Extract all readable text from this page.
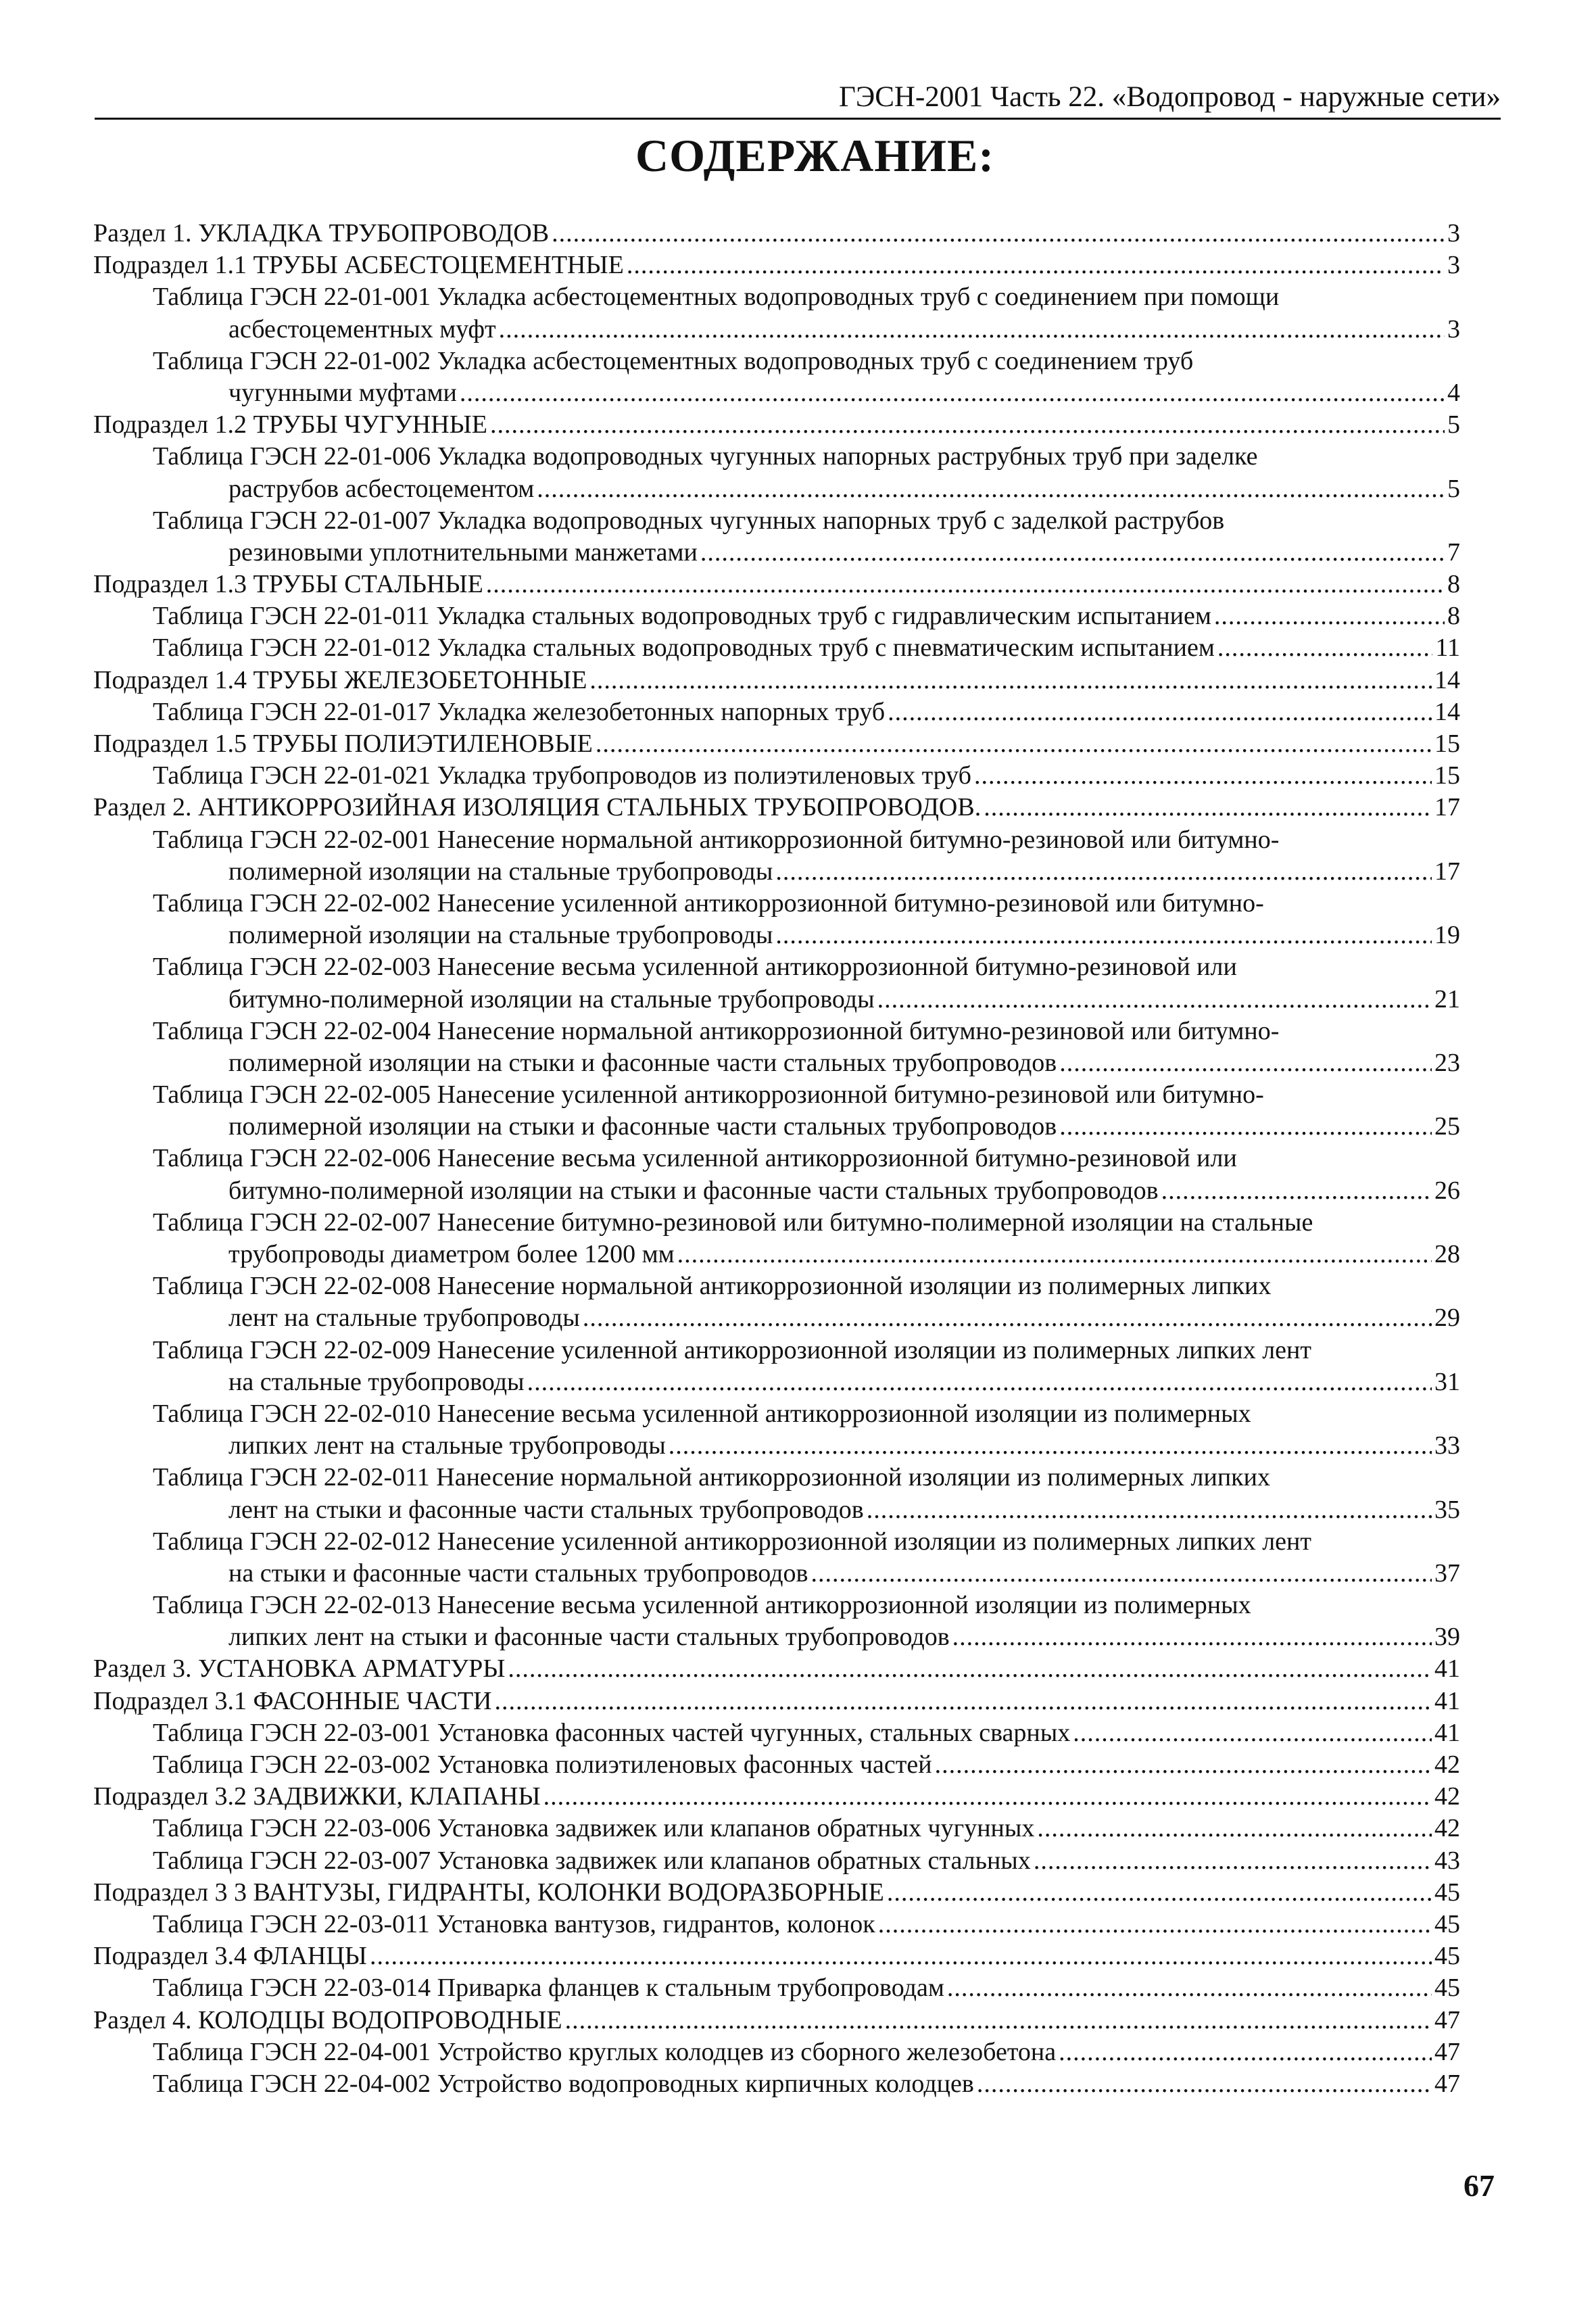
ГЭСН-2001 Часть 22. «Водопровод - наружные сети»
СОДЕРЖАНИЕ:
Раздел 1. УКЛАДКА ТРУБОПРОВОДОВ .....	3
Подраздел 1.1 ТРУБЫ АСБЕСТОЦЕМЕНТНЫЕ .....	3
Таблица ГЭСН 22-01-001 Укладка асбестоцементных водопроводных труб с соединением при помощи
асбестоцементных муфт .....	3
Таблица ГЭСН 22-01-002 Укладка асбестоцементных водопроводных труб с соединением труб
чугунными муфтами .....	4
Подраздел 1.2 ТРУБЫ ЧУГУННЫЕ .....	5
Таблица ГЭСН 22-01-006 Укладка водопроводных чугунных напорных раструбных труб при заделке
раструбов асбестоцементом .....	5
Таблица ГЭСН 22-01-007 Укладка водопроводных чугунных напорных труб с заделкой раструбов
резиновыми уплотнительными манжетами .....	7
Подраздел 1.3 ТРУБЫ СТАЛЬНЫЕ .....	8
Таблица ГЭСН 22-01-011 Укладка стальных водопроводных труб с гидравлическим испытанием .....	8
Таблица ГЭСН 22-01-012 Укладка стальных водопроводных труб с пневматическим испытанием .....	11
Подраздел 1.4 ТРУБЫ ЖЕЛЕЗОБЕТОННЫЕ .....	14
Таблица ГЭСН 22-01-017 Укладка железобетонных напорных труб .....	14
Подраздел 1.5 ТРУБЫ ПОЛИЭТИЛЕНОВЫЕ .....	15
Таблица ГЭСН 22-01-021 Укладка трубопроводов из полиэтиленовых труб .....	15
Раздел 2. АНТИКОРРОЗИЙНАЯ ИЗОЛЯЦИЯ СТАЛЬНЫХ ТРУБОПРОВОДОВ. .....	17
Таблица ГЭСН 22-02-001 Нанесение нормальной антикоррозионной битумно-резиновой или битумно-
полимерной изоляции на стальные трубопроводы .....	17
Таблица ГЭСН 22-02-002 Нанесение усиленной антикоррозионной битумно-резиновой или битумно-
полимерной изоляции на стальные трубопроводы .....	19
Таблица ГЭСН 22-02-003 Нанесение весьма усиленной антикоррозионной битумно-резиновой или
битумно-полимерной изоляции на стальные трубопроводы .....	21
Таблица ГЭСН 22-02-004 Нанесение нормальной антикоррозионной битумно-резиновой или битумно-
полимерной изоляции на стыки и фасонные части стальных трубопроводов .....	23
Таблица ГЭСН 22-02-005 Нанесение усиленной антикоррозионной битумно-резиновой или битумно-
полимерной изоляции на стыки и фасонные части стальных трубопроводов .....	25
Таблица ГЭСН 22-02-006 Нанесение весьма усиленной антикоррозионной битумно-резиновой или
битумно-полимерной изоляции на стыки и фасонные части стальных трубопроводов .....	26
Таблица ГЭСН 22-02-007 Нанесение битумно-резиновой или битумно-полимерной изоляции на стальные
трубопроводы диаметром более 1200 мм .....	28
Таблица ГЭСН 22-02-008 Нанесение нормальной антикоррозионной изоляции из полимерных липких
лент на стальные трубопроводы .....	29
Таблица ГЭСН 22-02-009 Нанесение усиленной антикоррозионной изоляции из полимерных липких лент
на стальные трубопроводы .....	31
Таблица ГЭСН 22-02-010 Нанесение весьма усиленной антикоррозионной изоляции из полимерных
липких лент на стальные трубопроводы .....	33
Таблица ГЭСН 22-02-011 Нанесение нормальной антикоррозионной изоляции из полимерных липких
лент на стыки и фасонные части стальных трубопроводов .....	35
Таблица ГЭСН 22-02-012 Нанесение усиленной антикоррозионной изоляции из полимерных липких лент
на стыки и фасонные части стальных трубопроводов .....	37
Таблица ГЭСН 22-02-013 Нанесение весьма усиленной антикоррозионной изоляции из полимерных
липких лент на стыки и фасонные части стальных трубопроводов .....	39
Раздел 3. УСТАНОВКА АРМАТУРЫ .....	41
Подраздел 3.1 ФАСОННЫЕ ЧАСТИ .....	41
Таблица ГЭСН 22-03-001 Установка фасонных частей чугунных, стальных сварных .....	41
Таблица ГЭСН 22-03-002 Установка полиэтиленовых фасонных частей .....	42
Подраздел 3.2 ЗАДВИЖКИ, КЛАПАНЫ .....	42
Таблица ГЭСН 22-03-006 Установка задвижек или клапанов обратных чугунных .....	42
Таблица ГЭСН 22-03-007 Установка задвижек или клапанов обратных стальных .....	43
Подраздел 3 3 ВАНТУЗЫ, ГИДРАНТЫ, КОЛОНКИ ВОДОРАЗБОРНЫЕ .....	45
Таблица ГЭСН 22-03-011 Установка вантузов, гидрантов, колонок .....	45
Подраздел 3.4 ФЛАНЦЫ .....	45
Таблица ГЭСН 22-03-014 Приварка фланцев к стальным трубопроводам .....	45
Раздел 4. КОЛОДЦЫ ВОДОПРОВОДНЫЕ .....	47
Таблица ГЭСН 22-04-001 Устройство круглых колодцев из сборного железобетона .....	47
Таблица ГЭСН 22-04-002 Устройство водопроводных кирпичных колодцев .....	47
67
